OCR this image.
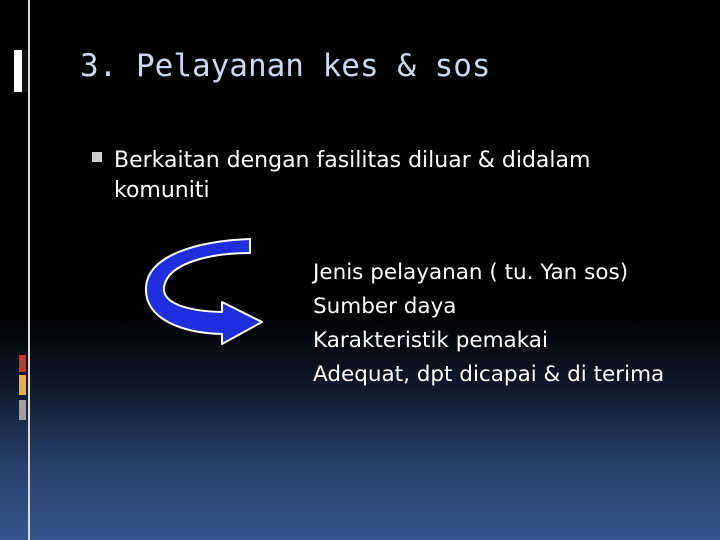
3. Pelayanan kes & sos

Berkaitan dengan fasilitas diluar & didalam komuniti

Jenis pelayanan ( tu. Yan sos)
Sumber daya
Karakteristik pemakai
Adequat, dpt dicapai & di terima
